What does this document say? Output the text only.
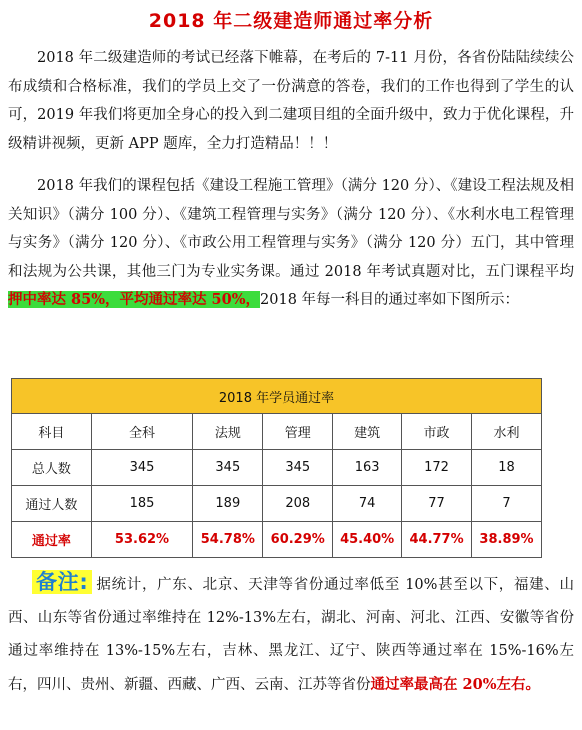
2018 年二级建造师通过率分析
2018 年二级建造师的考试已经落下帷幕，在考后的 7-11 月份，各省份陆陆续续公布成绩和合格标准，我们的学员上交了一份满意的答卷，我们的工作也得到了学生的认可，2019 年我们将更加全身心的投入到二建项目组的全面升级中，致力于优化课程，升级精讲视频，更新 APP 题库，全力打造精品！！！
2018 年我们的课程包括《建设工程施工管理》（满分 120 分）、《建设工程法规及相关知识》（满分 100 分）、《建筑工程管理与实务》（满分 120 分）、《水利水电工程管理与实务》（满分 120 分）、《市政公用工程管理与实务》（满分 120 分）五门，其中管理和法规为公共课，其他三门为专业实务课。通过 2018 年考试真题对比，五门课程平均押中率达 85%，平均通过率达 50%，2018 年每一科目的通过率如下图所示：
2018 年学员通过率						
科目	全科	法规	管理	建筑	市政	水利
总人数	345	345	345	163	172	18
通过人数	185	189	208	74	77	7
通过率	53.62%	54.78%	60.29%	45.40%	44.77%	38.89%
备注: 据统计，广东、北京、天津等省份通过率低至 10%甚至以下，福建、山西、山东等省份通过率维持在 12%-13%左右，湖北、河南、河北、江西、安徽等省份通过率维持在 13%-15%左右，吉林、黑龙江、辽宁、陕西等通过率在 15%-16%左右，四川、贵州、新疆、西藏、广西、云南、江苏等省份通过率最高在 20%左右。
